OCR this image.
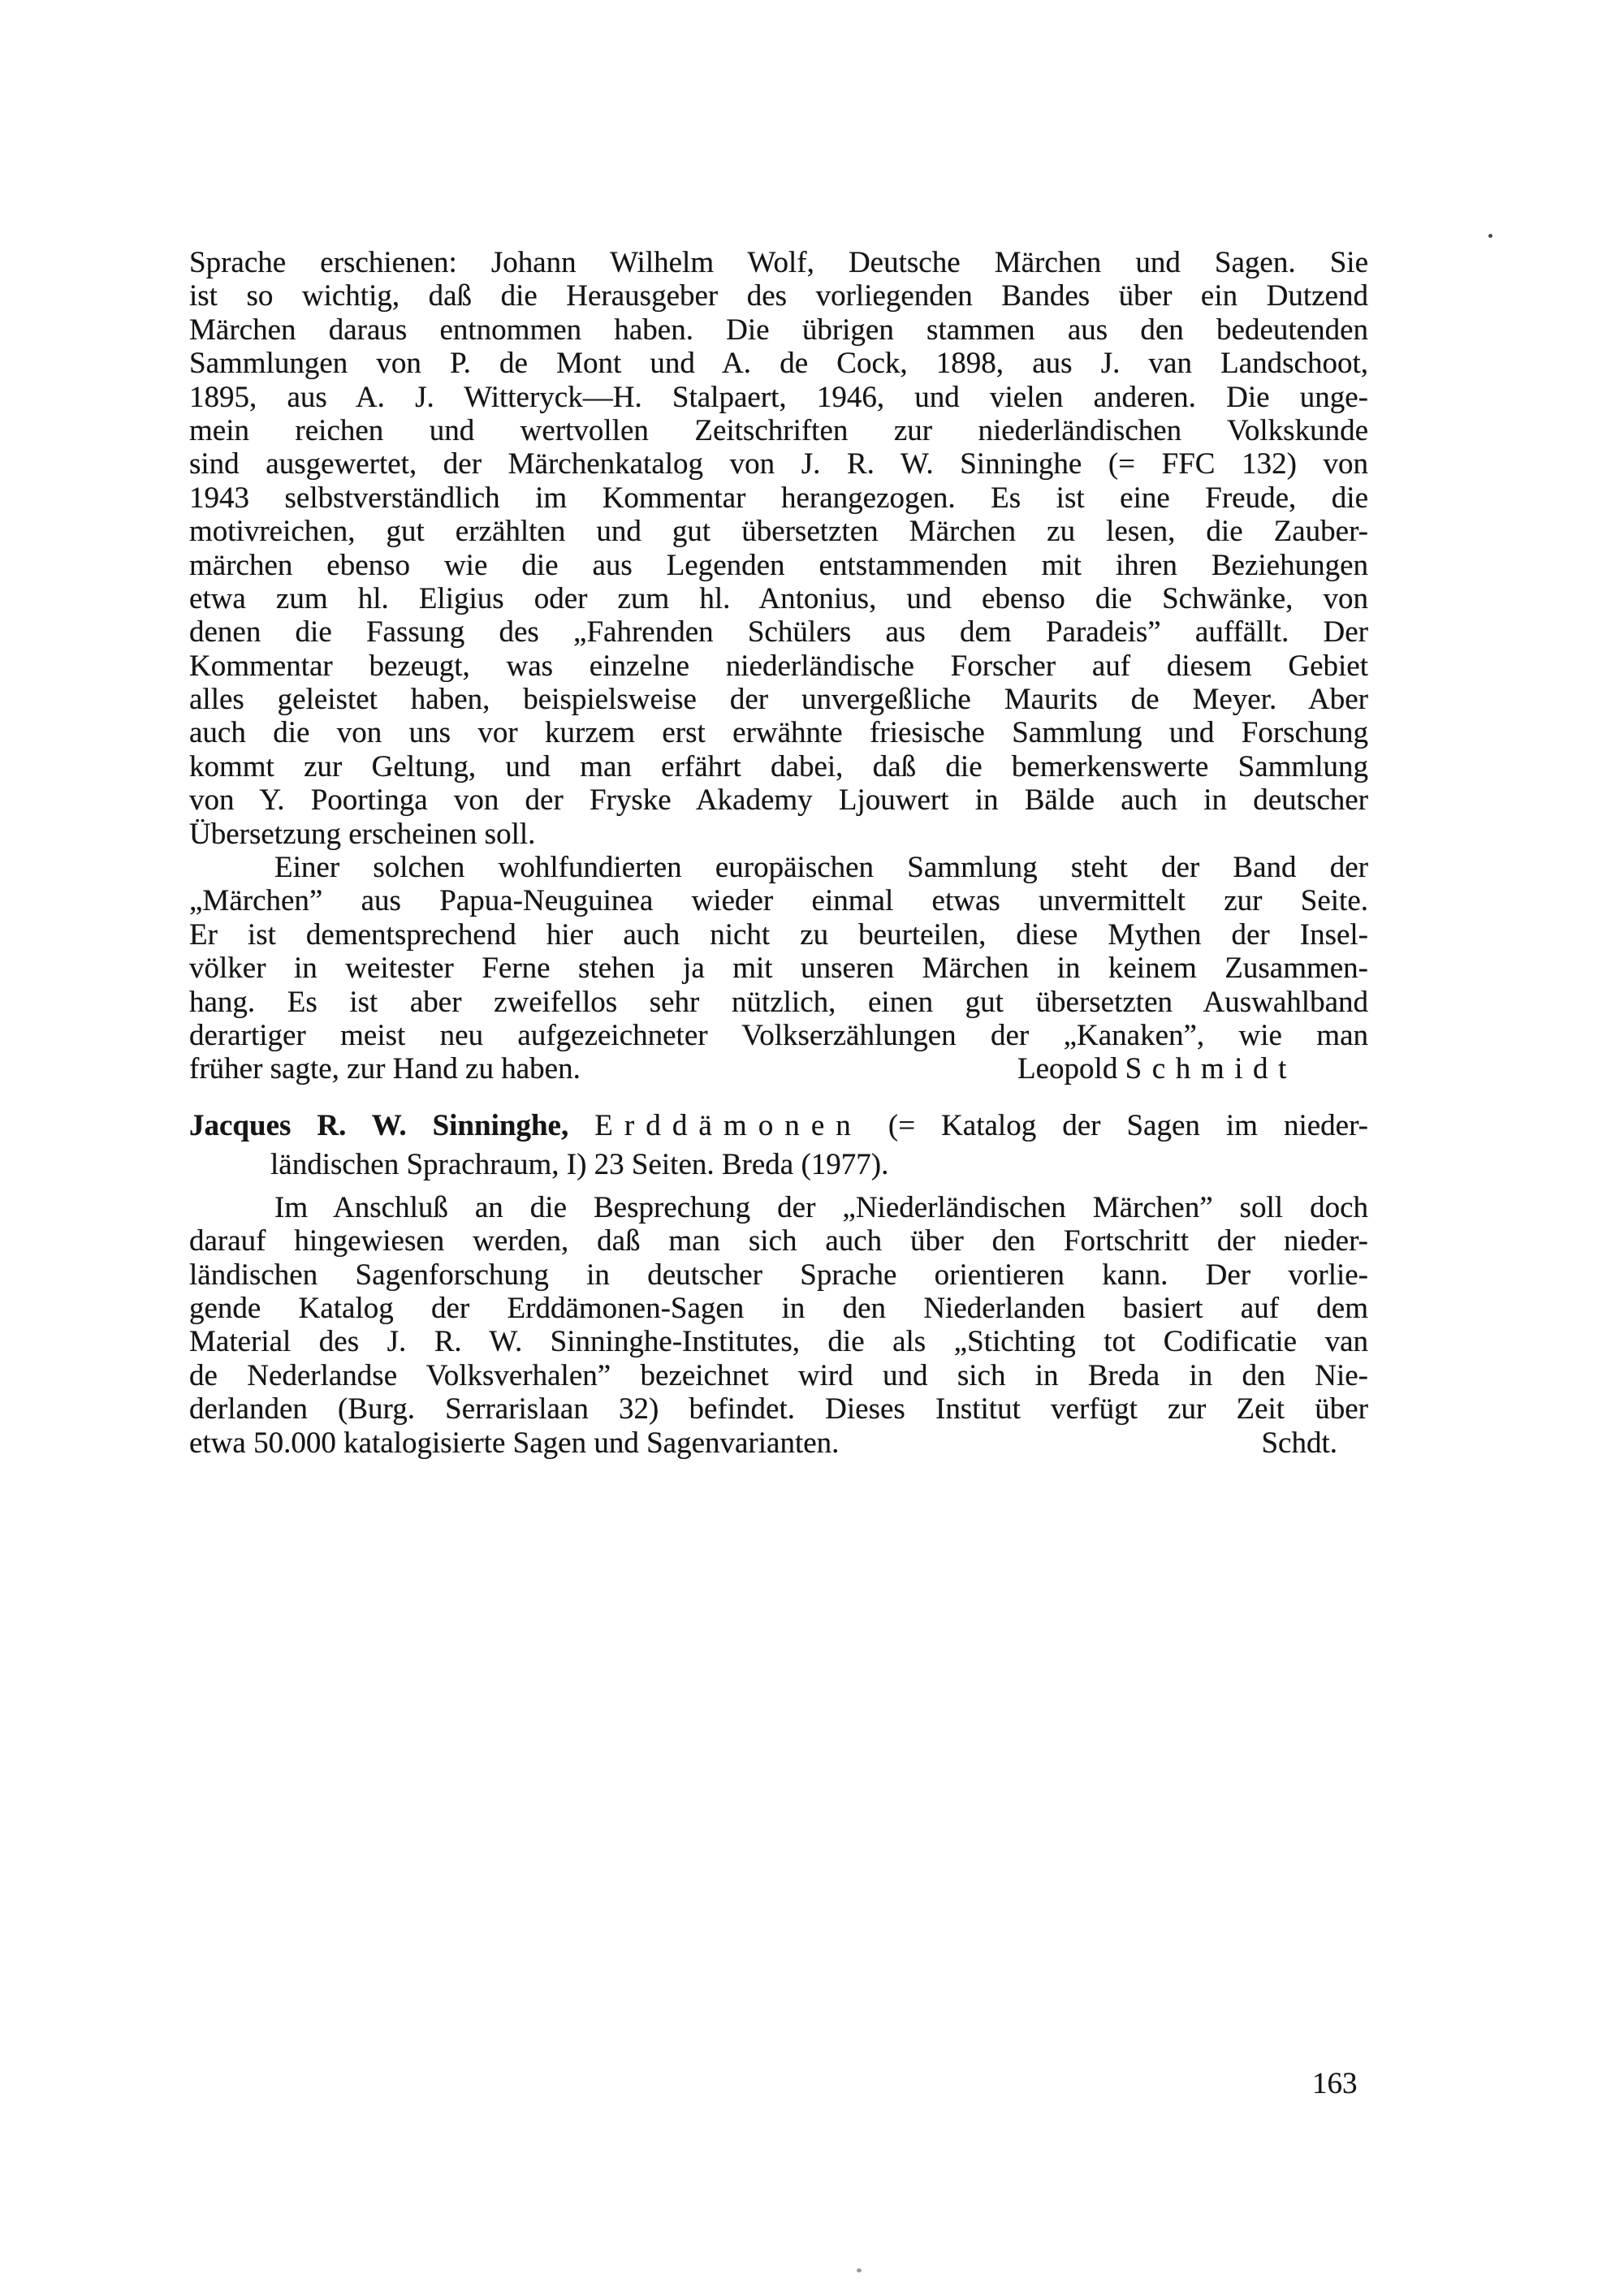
Sprache erschienen: Johann Wilhelm Wolf, Deutsche Märchen und Sagen. Sie
ist so wichtig, daß die Herausgeber des vorliegenden Bandes über ein Dutzend
Märchen daraus entnommen haben. Die übrigen stammen aus den bedeutenden
Sammlungen von P. de Mont und A. de Cock, 1898, aus J. van Landschoot,
1895, aus A. J. Witteryck—H. Stalpaert, 1946, und vielen anderen. Die unge-
mein reichen und wertvollen Zeitschriften zur niederländischen Volkskunde
sind ausgewertet, der Märchenkatalog von J. R. W. Sinninghe (= FFC 132) von
1943 selbstverständlich im Kommentar herangezogen. Es ist eine Freude, die
motivreichen, gut erzählten und gut übersetzten Märchen zu lesen, die Zauber-
märchen ebenso wie die aus Legenden entstammenden mit ihren Beziehungen
etwa zum hl. Eligius oder zum hl. Antonius, und ebenso die Schwänke, von
denen die Fassung des „Fahrenden Schülers aus dem Paradeis” auffällt. Der
Kommentar bezeugt, was einzelne niederländische Forscher auf diesem Gebiet
alles geleistet haben, beispielsweise der unvergeßliche Maurits de Meyer. Aber
auch die von uns vor kurzem erst erwähnte friesische Sammlung und Forschung
kommt zur Geltung, und man erfährt dabei, daß die bemerkenswerte Sammlung
von Y. Poortinga von der Fryske Akademy Ljouwert in Bälde auch in deutscher
Übersetzung erscheinen soll.
Einer solchen wohlfundierten europäischen Sammlung steht der Band der
„Märchen” aus Papua-Neuguinea wieder einmal etwas unvermittelt zur Seite.
Er ist dementsprechend hier auch nicht zu beurteilen, diese Mythen der Insel-
völker in weitester Ferne stehen ja mit unseren Märchen in keinem Zusammen-
hang. Es ist aber zweifellos sehr nützlich, einen gut übersetzten Auswahlband
derartiger meist neu aufgezeichneter Volkserzählungen der „Kanaken”, wie man
früher sagte, zur Hand zu haben.	Leopold Schmidt
Jacques R. W. Sinninghe, Erddämonen (= Katalog der Sagen im nieder-
ländischen Sprachraum, I) 23 Seiten. Breda (1977).
Im Anschluß an die Besprechung der „Niederländischen Märchen” soll doch
darauf hingewiesen werden, daß man sich auch über den Fortschritt der nieder-
ländischen Sagenforschung in deutscher Sprache orientieren kann. Der vorlie-
gende Katalog der Erddämonen-Sagen in den Niederlanden basiert auf dem
Material des J. R. W. Sinninghe-Institutes, die als „Stichting tot Codificatie van
de Nederlandse Volksverhalen” bezeichnet wird und sich in Breda in den Nie-
derlanden (Burg. Serrarislaan 32) befindet. Dieses Institut verfügt zur Zeit über
etwa 50.000 katalogisierte Sagen und Sagenvarianten.	Schdt.
163
